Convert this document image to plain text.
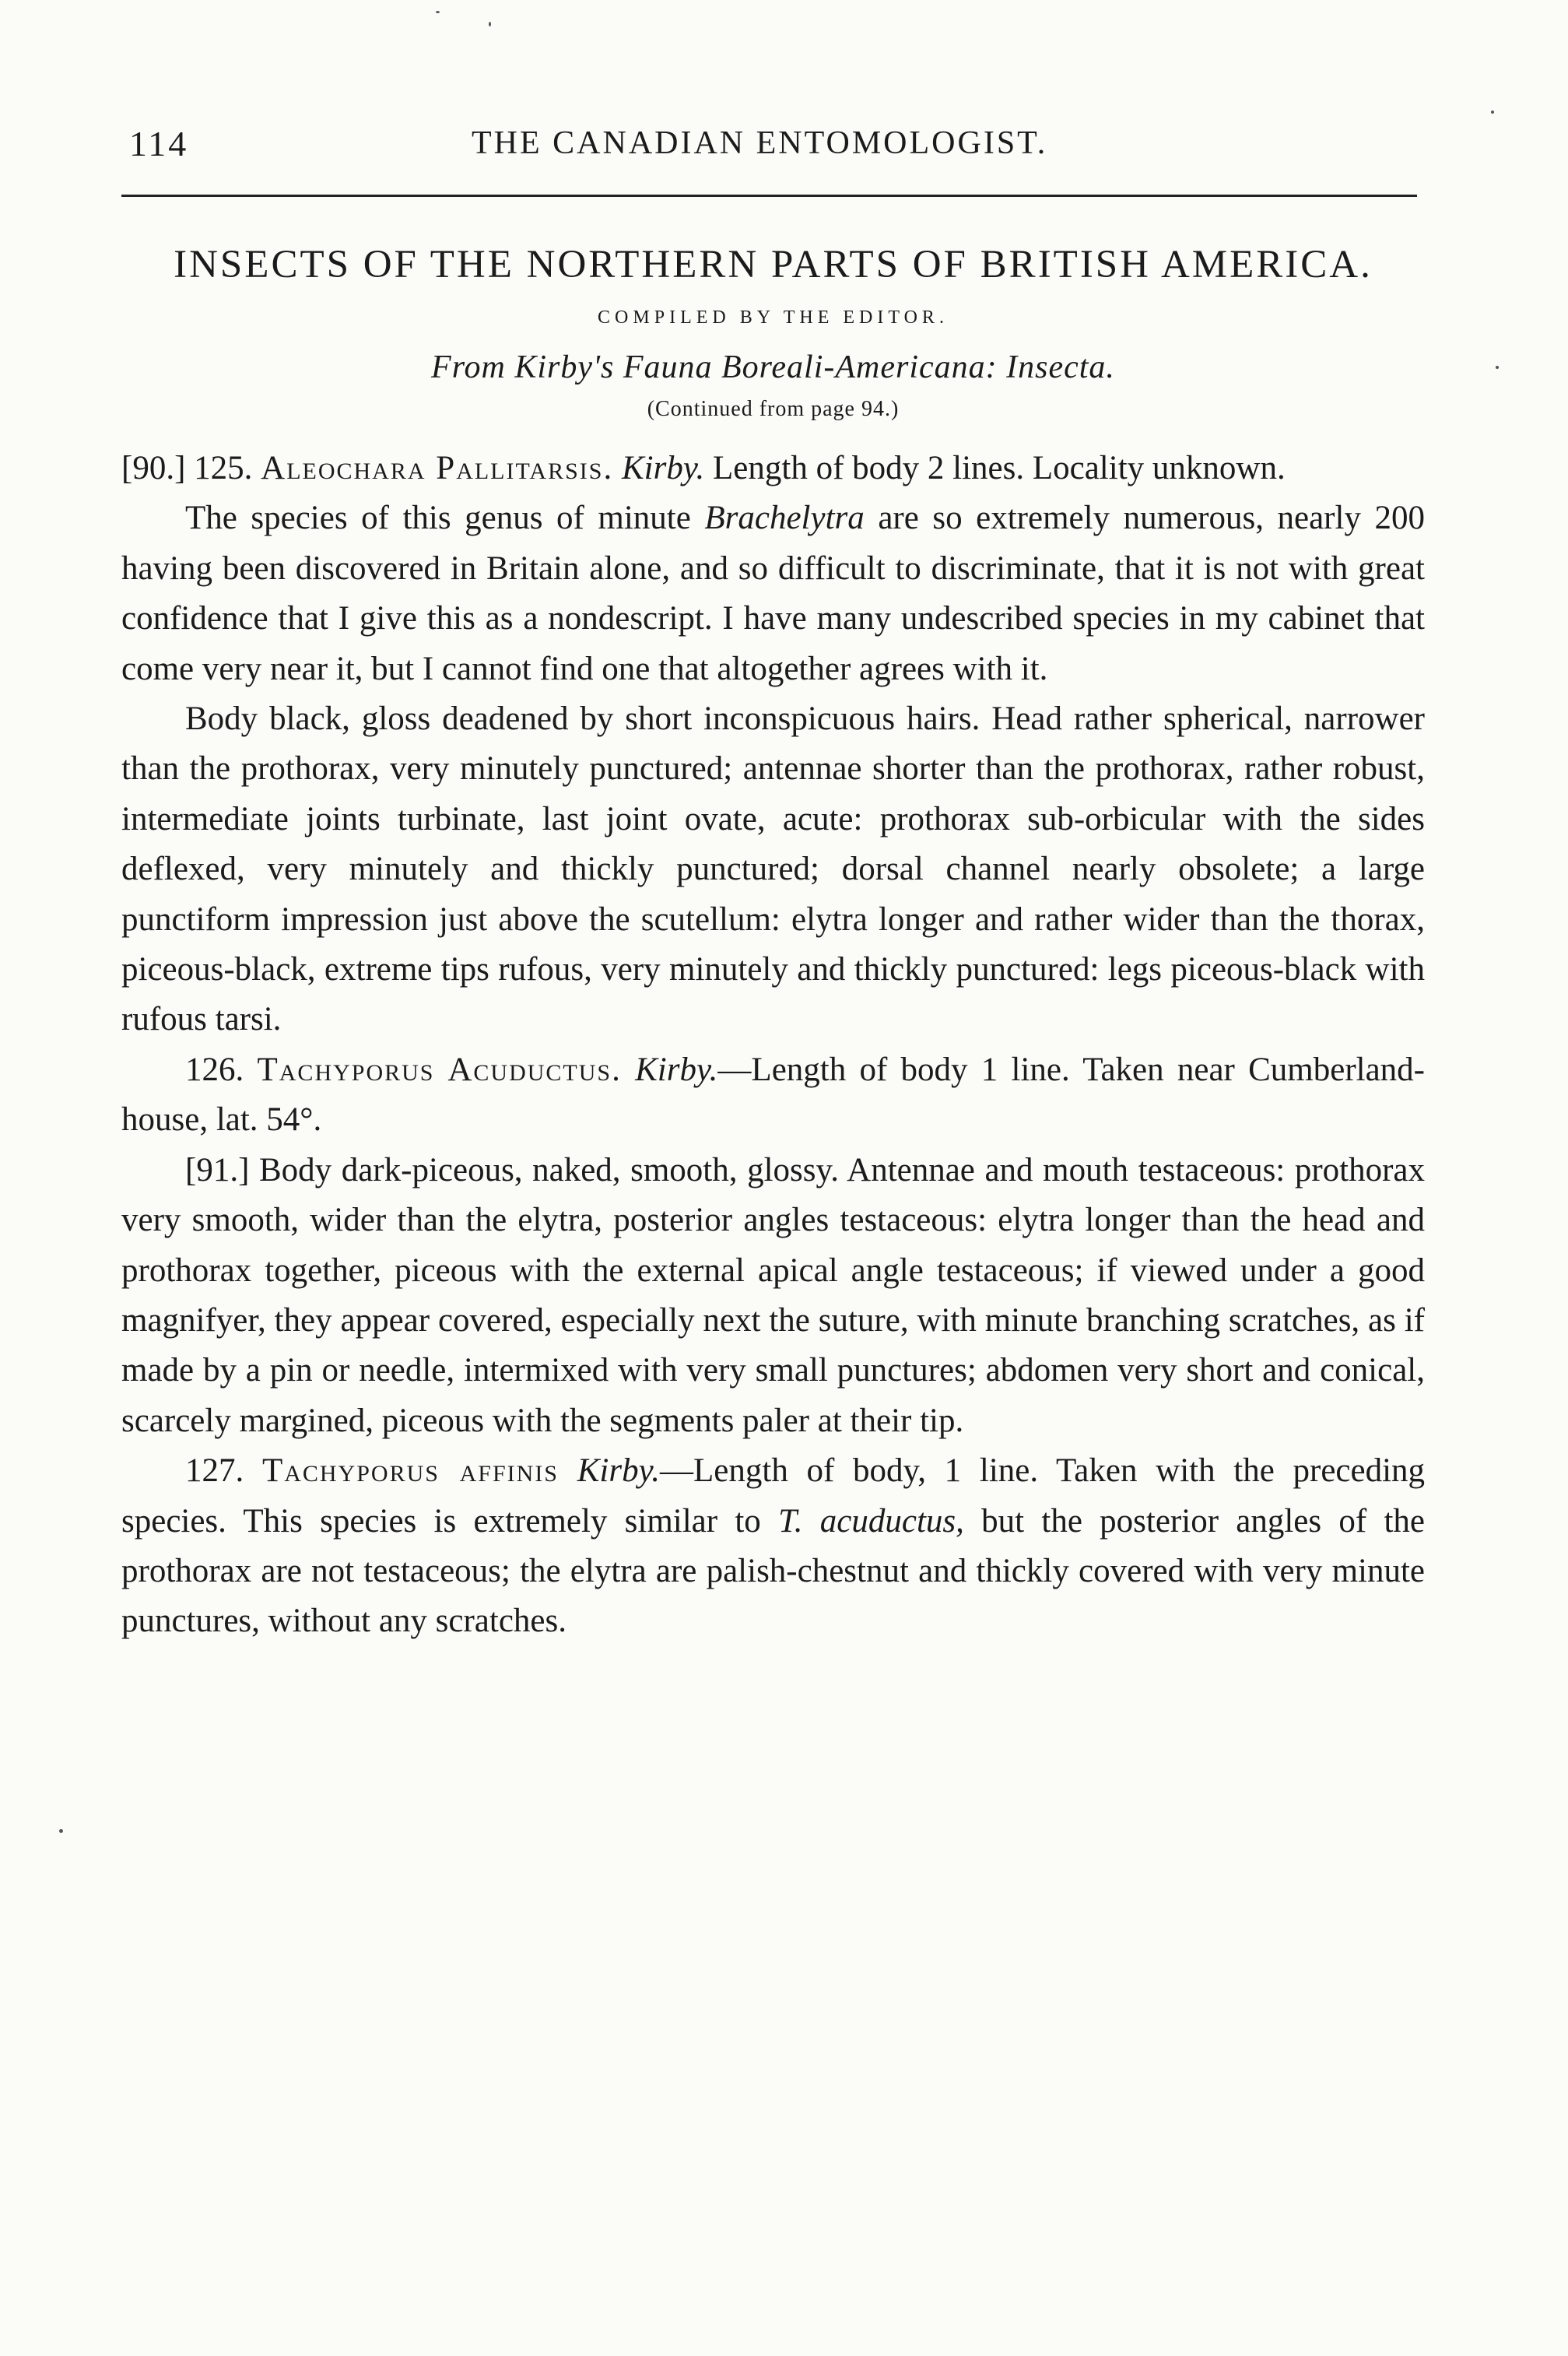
114	THE CANADIAN ENTOMOLOGIST.
INSECTS OF THE NORTHERN PARTS OF BRITISH AMERICA.
COMPILED BY THE EDITOR.
From Kirby's Fauna Boreali-Americana: Insecta.
(Continued from page 94.)

[90.] 125. Aleochara Pallitarsis. Kirby. Length of body 2 lines. Locality unknown.

The species of this genus of minute Brachelytra are so extremely numerous, nearly 200 having been discovered in Britain alone, and so difficult to discriminate, that it is not with great confidence that I give this as a nondescript. I have many undescribed species in my cabinet that come very near it, but I cannot find one that altogether agrees with it.

Body black, gloss deadened by short inconspicuous hairs. Head rather spherical, narrower than the prothorax, very minutely punctured; antennae shorter than the prothorax, rather robust, intermediate joints turbinate, last joint ovate, acute: prothorax sub-orbicular with the sides deflexed, very minutely and thickly punctured; dorsal channel nearly obsolete; a large punctiform impression just above the scutellum: elytra longer and rather wider than the thorax, piceous-black, extreme tips rufous, very minutely and thickly punctured: legs piceous-black with rufous tarsi.

126. Tachyporus Acuductus. Kirby.—Length of body 1 line. Taken near Cumberland-house, lat. 54°.

[91.] Body dark-piceous, naked, smooth, glossy. Antennae and mouth testaceous: prothorax very smooth, wider than the elytra, posterior angles testaceous: elytra longer than the head and prothorax together, piceous with the external apical angle testaceous; if viewed under a good magnifyer, they appear covered, especially next the suture, with minute branching scratches, as if made by a pin or needle, intermixed with very small punctures; abdomen very short and conical, scarcely margined, piceous with the segments paler at their tip.

127. Tachyporus affinis Kirby.—Length of body, 1 line. Taken with the preceding species. This species is extremely similar to T. acuductus, but the posterior angles of the prothorax are not testaceous; the elytra are palish-chestnut and thickly covered with very minute punctures, without any scratches.
